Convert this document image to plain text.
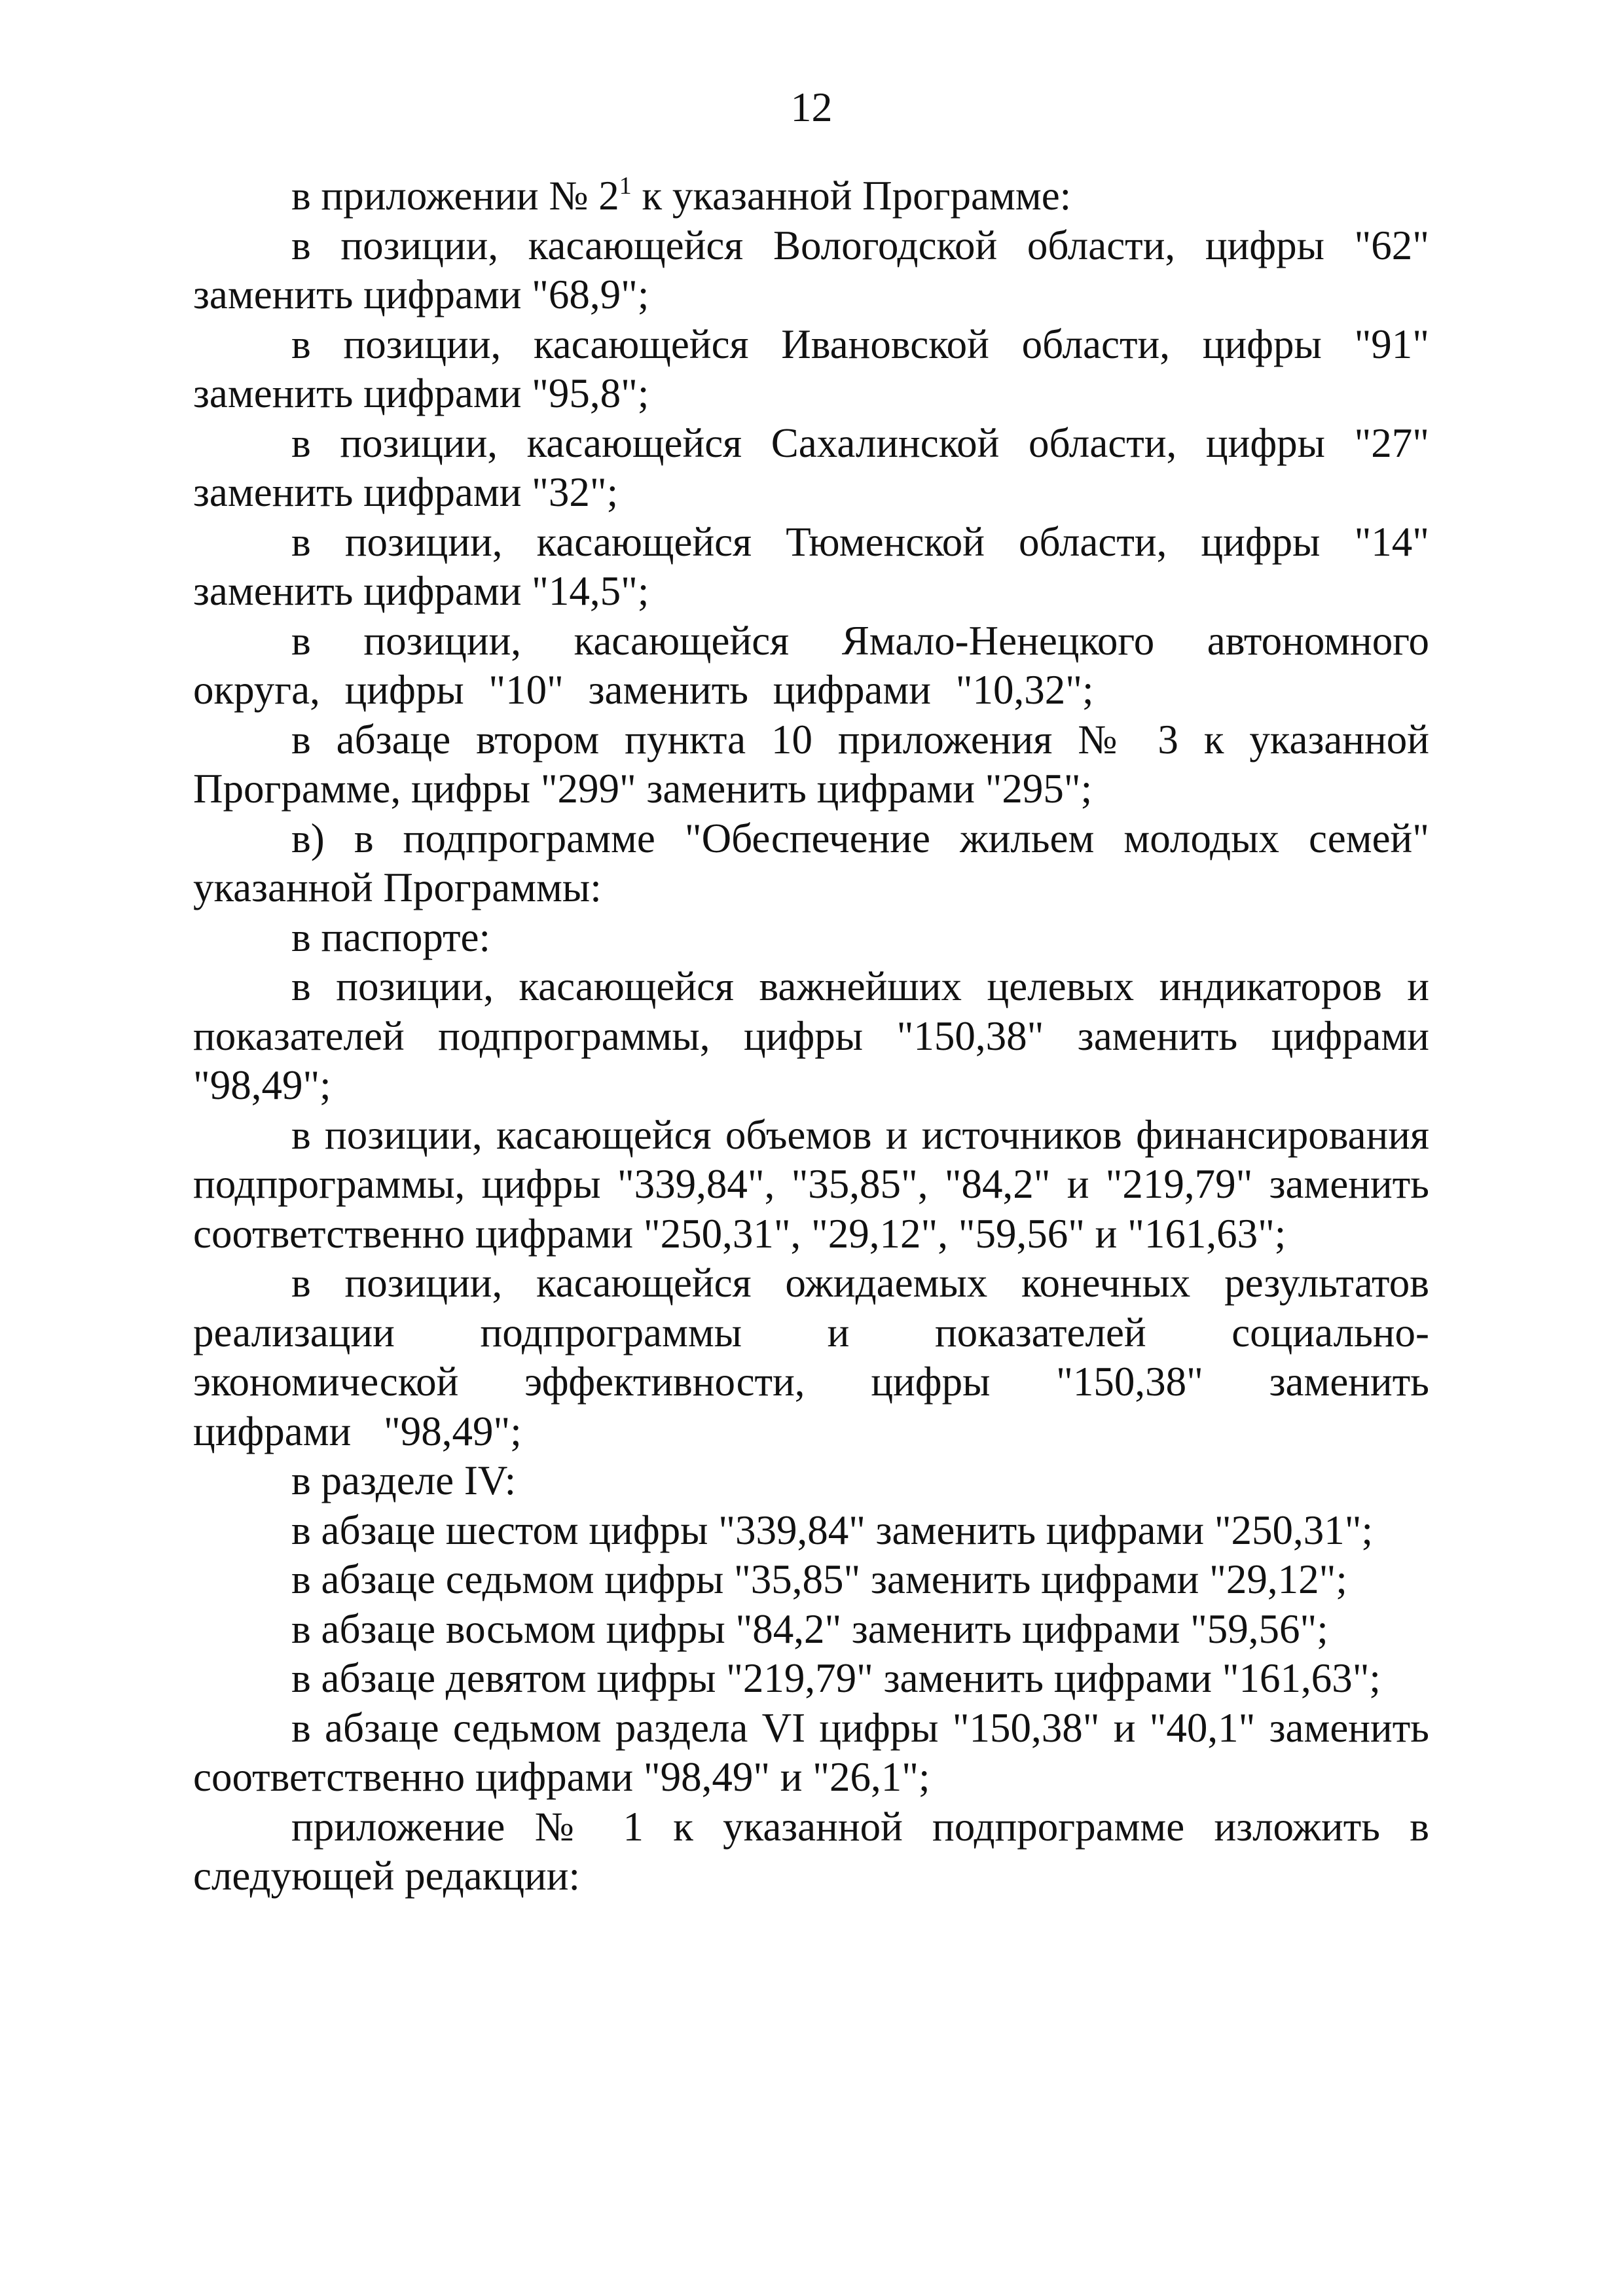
12

в приложении № $2^1$ к указанной Программе:

в позиции, касающейся Вологодской области, цифры "62" заменить цифрами "68,9";

в позиции, касающейся Ивановской области, цифры "91" заменить цифрами "95,8";

в позиции, касающейся Сахалинской области, цифры "27" заменить цифрами "32";

в позиции, касающейся Тюменской области, цифры "14" заменить цифрами "14,5";

в позиции, касающейся Ямало-Ненецкого автономного округа, цифры "10" заменить цифрами "10,32";

в абзаце втором пункта 10 приложения № 3 к указанной Программе, цифры "299" заменить цифрами "295";

в) в подпрограмме "Обеспечение жильем молодых семей" указанной Программы:

в паспорте:

в позиции, касающейся важнейших целевых индикаторов и показателей подпрограммы, цифры "150,38" заменить цифрами "98,49";

в позиции, касающейся объемов и источников финансирования подпрограммы, цифры "339,84", "35,85", "84,2" и "219,79" заменить соответственно цифрами "250,31", "29,12", "59,56" и "161,63";

в позиции, касающейся ожидаемых конечных результатов реализации подпрограммы и показателей социально-экономической эффективности, цифры "150,38" заменить цифрами "98,49";

в разделе IV:

в абзаце шестом цифры "339,84" заменить цифрами "250,31";

в абзаце седьмом цифры "35,85" заменить цифрами "29,12";

в абзаце восьмом цифры "84,2" заменить цифрами "59,56";

в абзаце девятом цифры "219,79" заменить цифрами "161,63";

в абзаце седьмом раздела VI цифры "150,38" и "40,1" заменить соответственно цифрами "98,49" и "26,1";

приложение № 1 к указанной подпрограмме изложить в следующей редакции:
